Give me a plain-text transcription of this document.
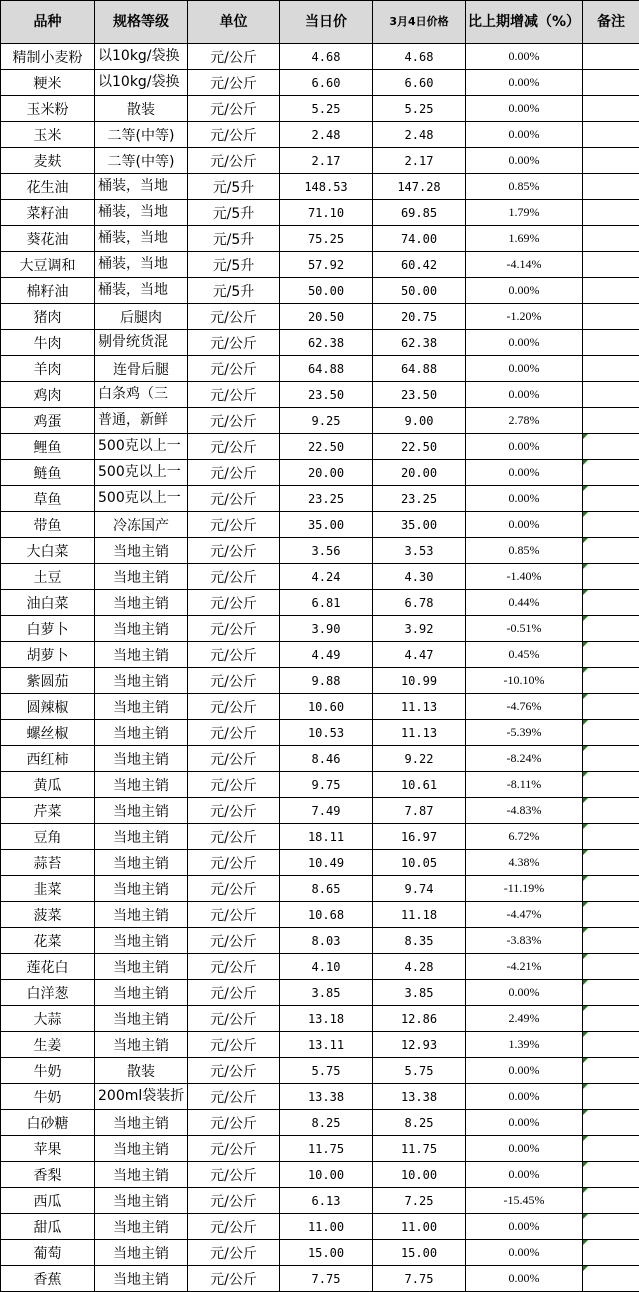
品种	规格等级	单位	当日价	3月4日价格	比上期增减（%）	备注
精制小麦粉	以10kg/袋换	元/公斤	4.68	4.68	0.00%	
粳米	以10kg/袋换	元/公斤	6.60	6.60	0.00%	
玉米粉	散装	元/公斤	5.25	5.25	0.00%	
玉米	二等(中等)	元/公斤	2.48	2.48	0.00%	
麦麸	二等(中等)	元/公斤	2.17	2.17	0.00%	
花生油	桶装，当地	元/5升	148.53	147.28	0.85%	
菜籽油	桶装，当地	元/5升	71.10	69.85	1.79%	
葵花油	桶装，当地	元/5升	75.25	74.00	1.69%	
大豆调和	桶装，当地	元/5升	57.92	60.42	-4.14%	
棉籽油	桶装，当地	元/5升	50.00	50.00	0.00%	
猪肉	后腿肉	元/公斤	20.50	20.75	-1.20%	
牛肉	剔骨统货混	元/公斤	62.38	62.38	0.00%	
羊肉	连骨后腿	元/公斤	64.88	64.88	0.00%	
鸡肉	白条鸡（三	元/公斤	23.50	23.50	0.00%	
鸡蛋	普通，新鲜	元/公斤	9.25	9.00	2.78%	
鲤鱼	500克以上一	元/公斤	22.50	22.50	0.00%	
鲢鱼	500克以上一	元/公斤	20.00	20.00	0.00%	
草鱼	500克以上一	元/公斤	23.25	23.25	0.00%	
带鱼	冷冻国产	元/公斤	35.00	35.00	0.00%	
大白菜	当地主销	元/公斤	3.56	3.53	0.85%	
土豆	当地主销	元/公斤	4.24	4.30	-1.40%	
油白菜	当地主销	元/公斤	6.81	6.78	0.44%	
白萝卜	当地主销	元/公斤	3.90	3.92	-0.51%	
胡萝卜	当地主销	元/公斤	4.49	4.47	0.45%	
紫圆茄	当地主销	元/公斤	9.88	10.99	-10.10%	
圆辣椒	当地主销	元/公斤	10.60	11.13	-4.76%	
螺丝椒	当地主销	元/公斤	10.53	11.13	-5.39%	
西红柿	当地主销	元/公斤	8.46	9.22	-8.24%	
黄瓜	当地主销	元/公斤	9.75	10.61	-8.11%	
芹菜	当地主销	元/公斤	7.49	7.87	-4.83%	
豆角	当地主销	元/公斤	18.11	16.97	6.72%	
蒜苔	当地主销	元/公斤	10.49	10.05	4.38%	
韭菜	当地主销	元/公斤	8.65	9.74	-11.19%	
菠菜	当地主销	元/公斤	10.68	11.18	-4.47%	
花菜	当地主销	元/公斤	8.03	8.35	-3.83%	
莲花白	当地主销	元/公斤	4.10	4.28	-4.21%	
白洋葱	当地主销	元/公斤	3.85	3.85	0.00%	
大蒜	当地主销	元/公斤	13.18	12.86	2.49%	
生姜	当地主销	元/公斤	13.11	12.93	1.39%	
牛奶	散装	元/公斤	5.75	5.75	0.00%	
牛奶	200ml袋装折	元/公斤	13.38	13.38	0.00%	
白砂糖	当地主销	元/公斤	8.25	8.25	0.00%	
苹果	当地主销	元/公斤	11.75	11.75	0.00%	
香梨	当地主销	元/公斤	10.00	10.00	0.00%	
西瓜	当地主销	元/公斤	6.13	7.25	-15.45%	
甜瓜	当地主销	元/公斤	11.00	11.00	0.00%	
葡萄	当地主销	元/公斤	15.00	15.00	0.00%	
香蕉	当地主销	元/公斤	7.75	7.75	0.00%	
